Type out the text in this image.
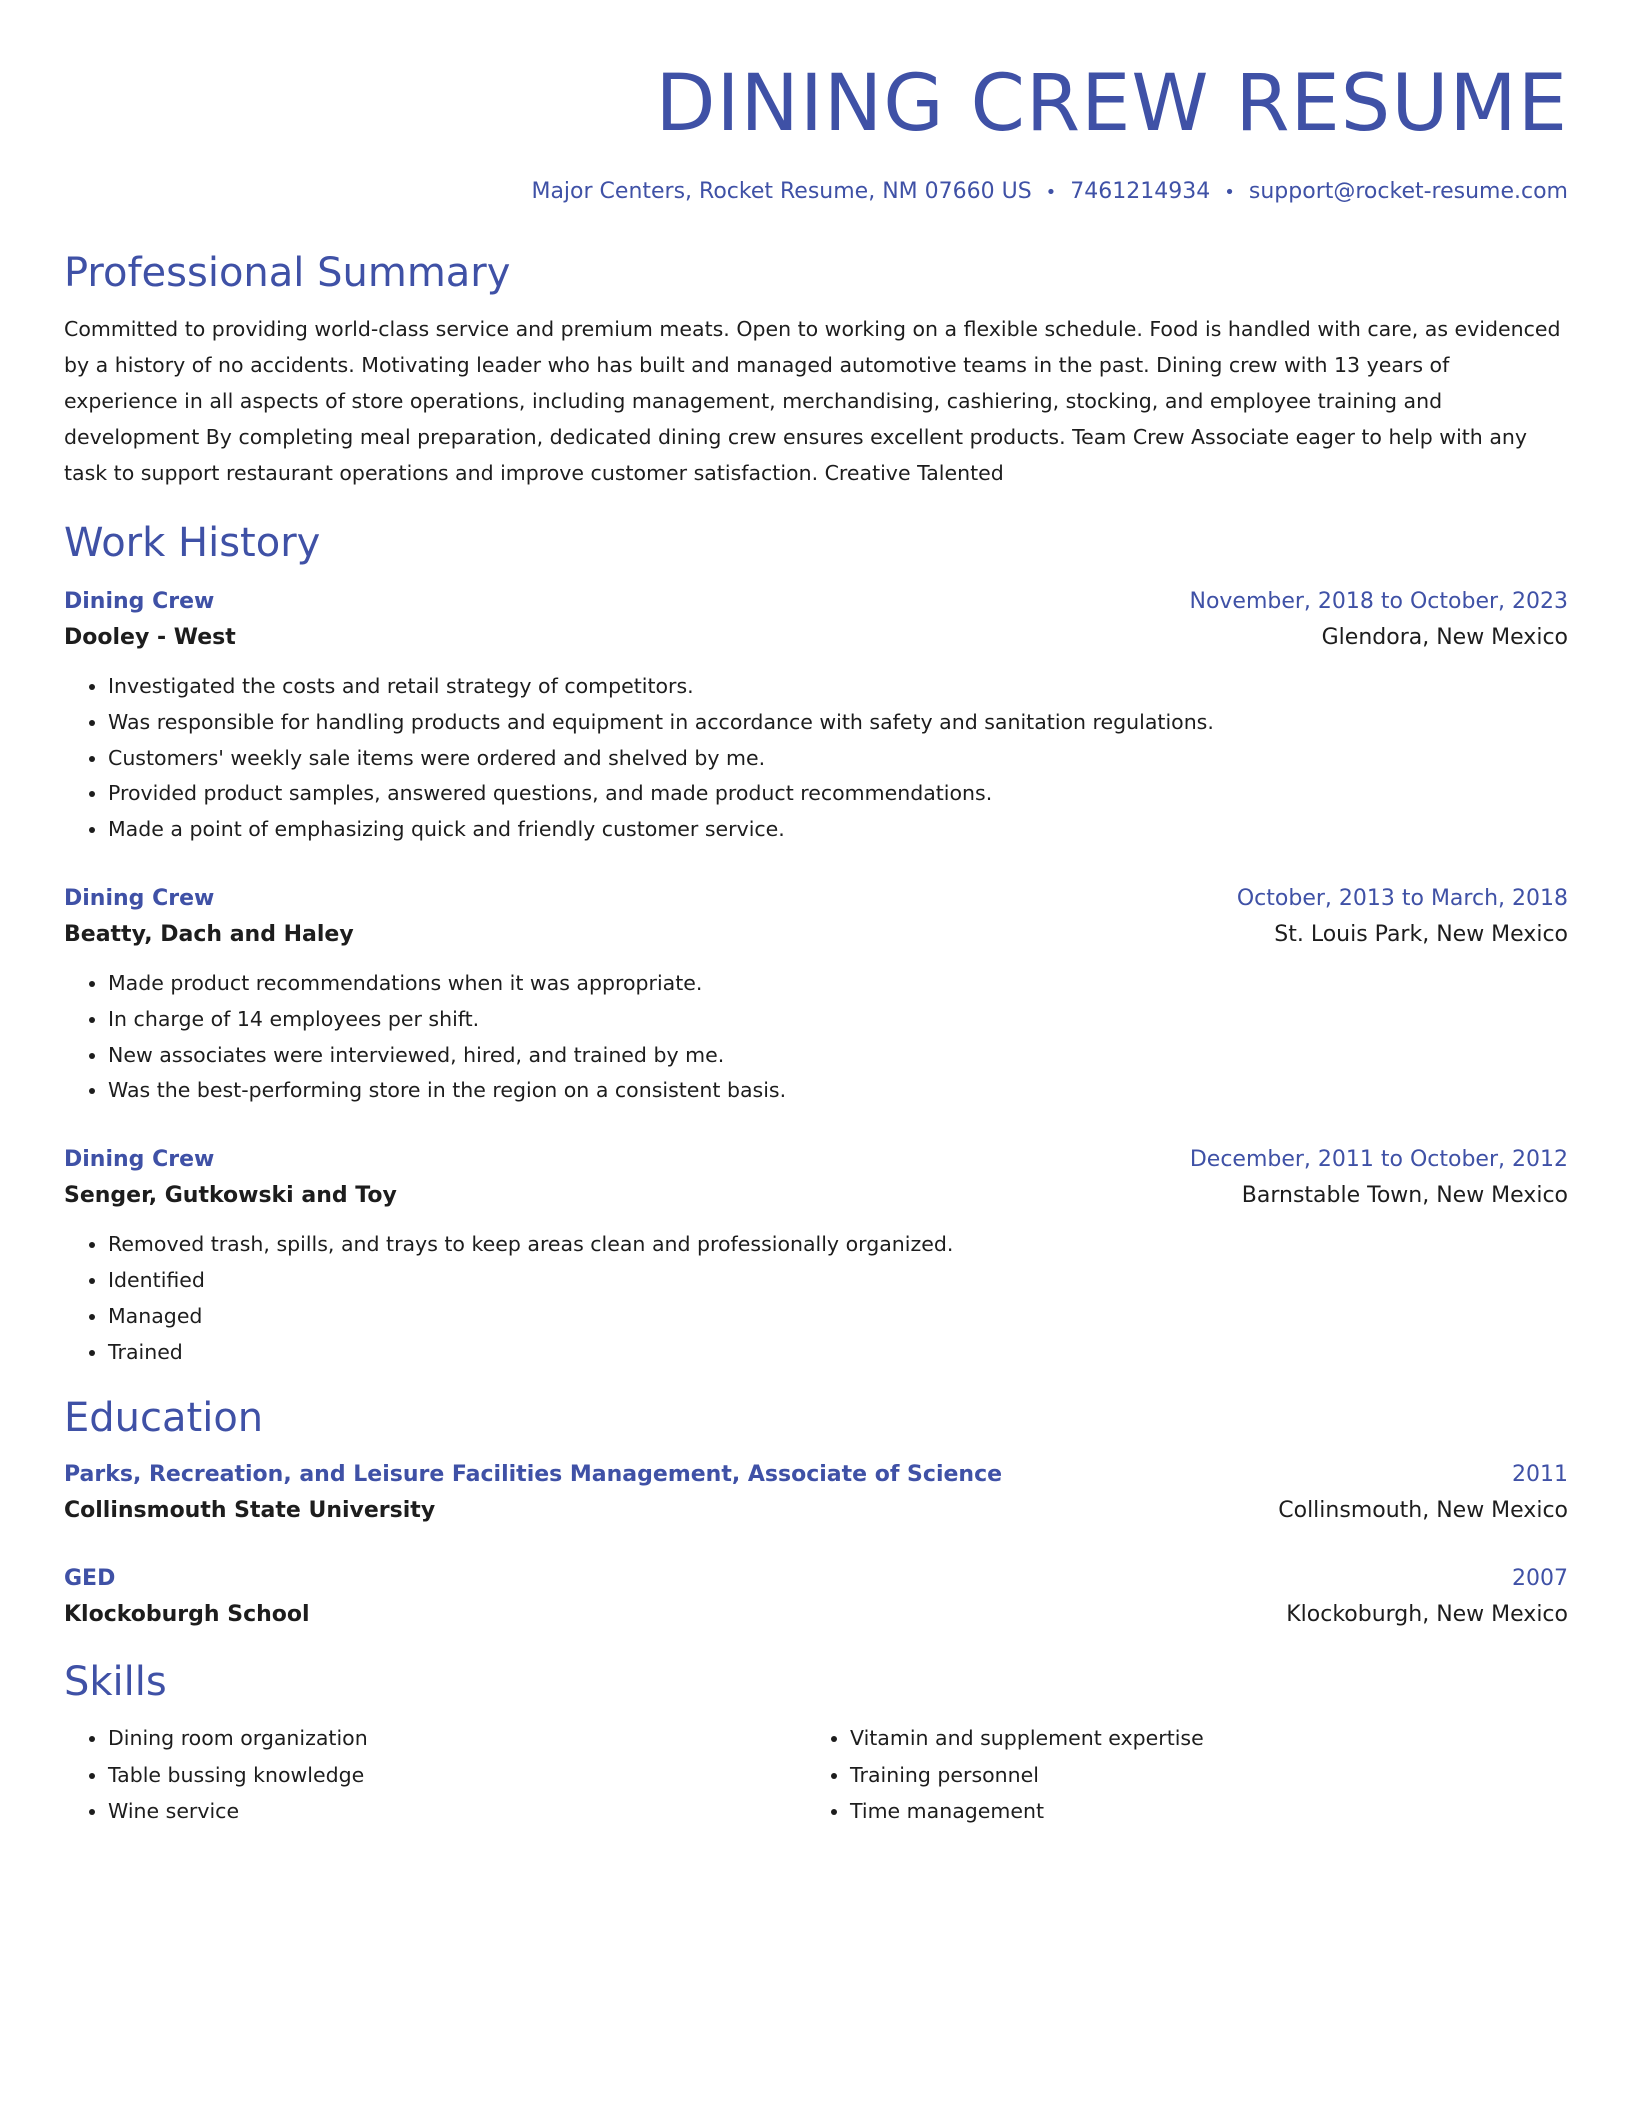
DINING CREW RESUME
Major Centers, Rocket Resume, NM 07660 US • 7461214934 • support@rocket-resume.com
Professional Summary
Committed to providing world-class service and premium meats. Open to working on a flexible schedule. Food is handled with care, as evidenced by a history of no accidents. Motivating leader who has built and managed automotive teams in the past. Dining crew with 13 years of experience in all aspects of store operations, including management, merchandising, cashiering, stocking, and employee training and development By completing meal preparation, dedicated dining crew ensures excellent products. Team Crew Associate eager to help with any task to support restaurant operations and improve customer satisfaction. Creative Talented
Work History
Dining Crew	November, 2018 to October, 2023
Dooley - West	Glendora, New Mexico
• Investigated the costs and retail strategy of competitors.
• Was responsible for handling products and equipment in accordance with safety and sanitation regulations.
• Customers' weekly sale items were ordered and shelved by me.
• Provided product samples, answered questions, and made product recommendations.
• Made a point of emphasizing quick and friendly customer service.
Dining Crew	October, 2013 to March, 2018
Beatty, Dach and Haley	St. Louis Park, New Mexico
• Made product recommendations when it was appropriate.
• In charge of 14 employees per shift.
• New associates were interviewed, hired, and trained by me.
• Was the best-performing store in the region on a consistent basis.
Dining Crew	December, 2011 to October, 2012
Senger, Gutkowski and Toy	Barnstable Town, New Mexico
• Removed trash, spills, and trays to keep areas clean and professionally organized.
• Identified
• Managed
• Trained
Education
Parks, Recreation, and Leisure Facilities Management, Associate of Science	2011
Collinsmouth State University	Collinsmouth, New Mexico
GED	2007
Klockoburgh School	Klockoburgh, New Mexico
Skills
• Dining room organization
• Table bussing knowledge
• Wine service
• Vitamin and supplement expertise
• Training personnel
• Time management
